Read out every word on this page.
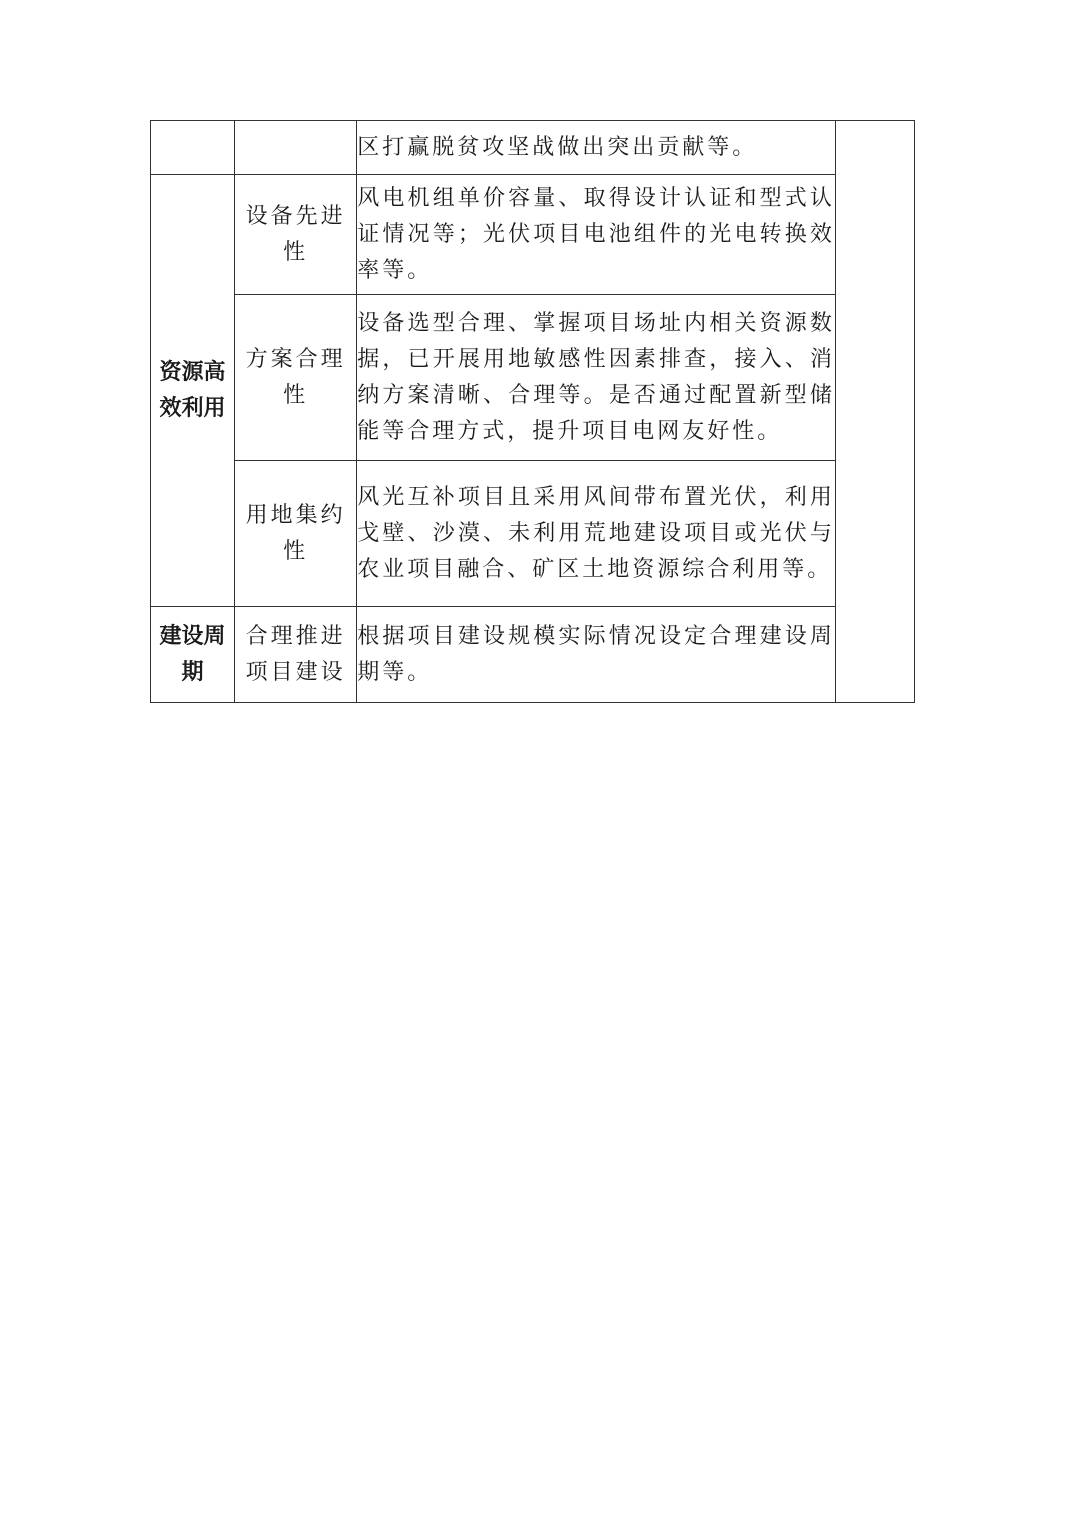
		区打赢脱贫攻坚战做出突出贡献等。	
资源高效利用	设备先进性	风电机组单价容量、取得设计认证和型式认证情况等；光伏项目电池组件的光电转换效率等。	
	方案合理性	设备选型合理、掌握项目场址内相关资源数据，已开展用地敏感性因素排查，接入、消纳方案清晰、合理等。是否通过配置新型储能等合理方式，提升项目电网友好性。	
	用地集约性	风光互补项目且采用风间带布置光伏，利用戈壁、沙漠、未利用荒地建设项目或光伏与农业项目融合、矿区土地资源综合利用等。	
建设周期	合理推进项目建设	根据项目建设规模实际情况设定合理建设周期等。	
